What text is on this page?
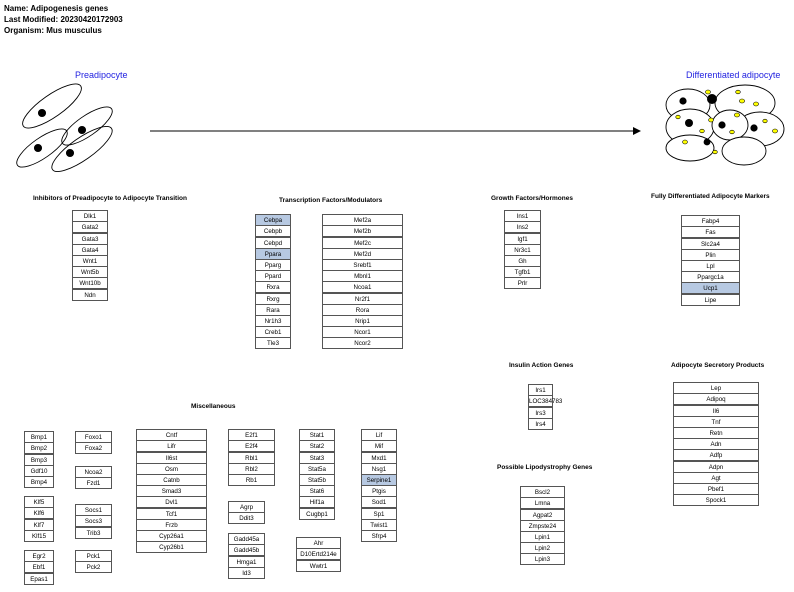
Name: Adipogenesis genes
Last Modified: 20230420172903
Organism: Mus musculus
Preadipocyte	Differentiated adipocyte
Inhibitors of Preadipocyte to Adipocyte Transition	Transcription Factors/Modulators	Growth Factors/Hormones	Fully Differentiated Adipocyte Markers
Insulin Action Genes	Adipocyte Secretory Products
Miscellaneous
Possible Lipodystrophy Genes
Dlk1
Gata2
Gata3
Gata4
Wnt1
Wnt5b
Wnt10b
Ndn
Cebpa
Cebpb
Cebpd
Ppara
Pparg
Ppard
Rxra
Rxrg
Rara
Nr1h3
Creb1
Tle3
Mef2a
Mef2b
Mef2c
Mef2d
Srebf1
Mbnl1
Ncoa1
Nr2f1
Rora
Nrip1
Ncor1
Ncor2
Ins1
Ins2
Igf1
Nr3c1
Gh
Tgfb1
Prlr
Fabp4
Fas
Slc2a4
Plin
Lpl
Ppargc1a
Ucp1
Lipe
Irs1
LOC384783
Irs3
Irs4
Lep
Adipoq
Il6
Tnf
Retn
Adn
Adfp
Adpn
Agt
Pbef1
Spock1
Bscl2
Lmna
Agpat2
Zmpste24
Lpin1
Lpin2
Lpin3
Bmp1
Bmp2
Bmp3
Gdf10
Bmp4
Klf5
Klf6
Klf7
Klf15
Egr2
Ebf1
Epas1
Foxo1
Foxa2
Ncoa2
Fzd1
Socs1
Socs3
Trib3
Pck1
Pck2
Cntf
Lifr
Il6st
Osm
Catnb
Smad3
Dvl1
Tcf1
Frzb
Cyp26a1
Cyp26b1
E2f1
E2f4
Rbl1
Rbl2
Rb1
Agrp
Ddit3
Gadd45a
Gadd45b
Hmga1
Id3
Stat1
Stat2
Stat3
Stat5a
Stat5b
Stat6
Hif1a
Cugbp1
Ahr
D10Ertd214e
Wwtr1
Lif
Mif
Mxd1
Nsg1
Serpine1
Ptgis
Sod1
Sp1
Twist1
Sfrp4
